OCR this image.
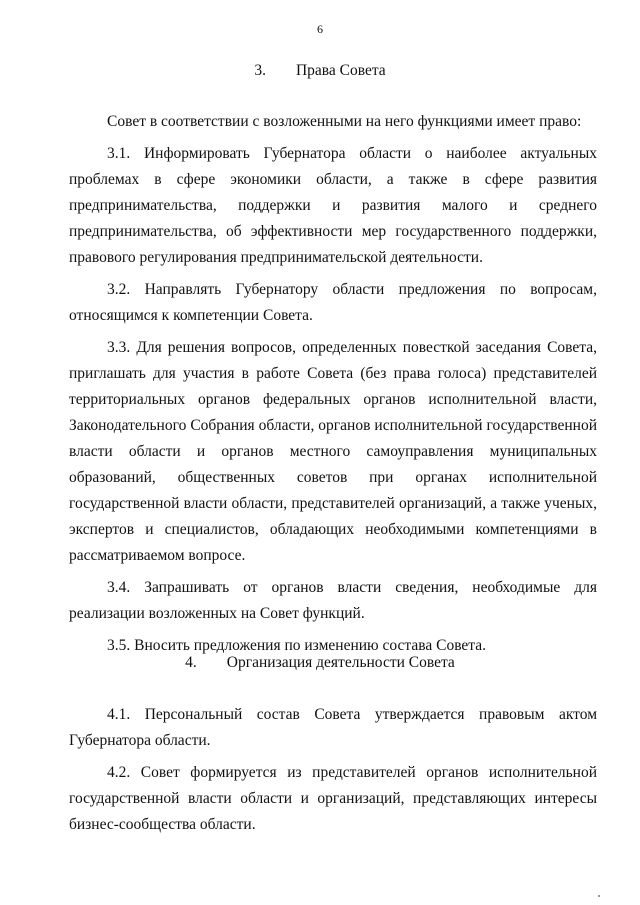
6
3. Права Совета

Совет в соответствии с возложенными на него функциями имеет право:

3.1. Информировать Губернатора области о наиболее актуальных проблемах в сфере экономики области, а также в сфере развития предпринимательства, поддержки и развития малого и среднего предпринимательства, об эффективности мер государственного поддержки, правового регулирования предпринимательской деятельности.

3.2. Направлять Губернатору области предложения по вопросам, относящимся к компетенции Совета.

3.3. Для решения вопросов, определенных повесткой заседания Совета, приглашать для участия в работе Совета (без права голоса) представителей территориальных органов федеральных органов исполнительной власти, Законодательного Собрания области, органов исполнительной государственной власти области и органов местного самоуправления муниципальных образований, общественных советов при органах исполнительной государственной власти области, представителей организаций, а также ученых, экспертов и специалистов, обладающих необходимыми компетенциями в рассматриваемом вопросе.

3.4. Запрашивать от органов власти сведения, необходимые для реализации возложенных на Совет функций.

3.5. Вносить предложения по изменению состава Совета.

4. Организация деятельности Совета

4.1. Персональный состав Совета утверждается правовым актом Губернатора области.

4.2. Совет формируется из представителей органов исполнительной государственной власти области и организаций, представляющих интересы бизнес-сообщества области.
